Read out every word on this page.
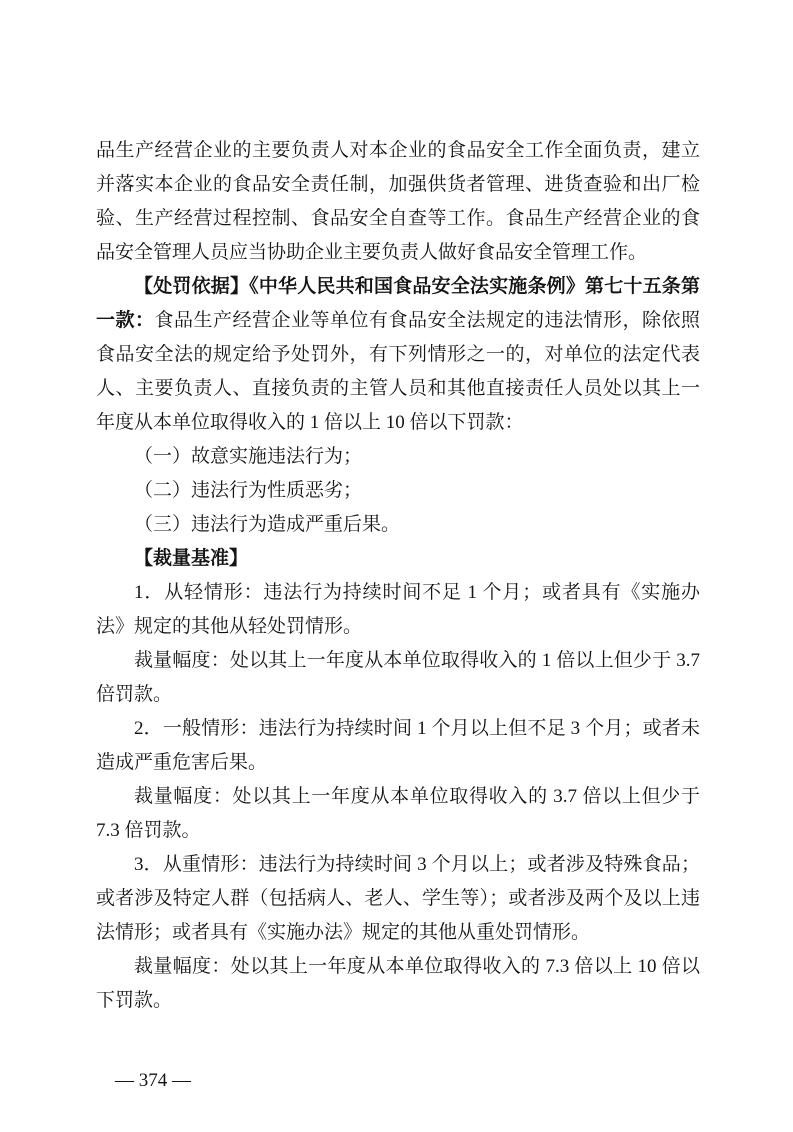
品生产经营企业的主要负责人对本企业的食品安全工作全面负责，建立并落实本企业的食品安全责任制，加强供货者管理、进货查验和出厂检验、生产经营过程控制、食品安全自查等工作。食品生产经营企业的食品安全管理人员应当协助企业主要负责人做好食品安全管理工作。

【处罚依据】《中华人民共和国食品安全法实施条例》第七十五条第一款：食品生产经营企业等单位有食品安全法规定的违法情形，除依照食品安全法的规定给予处罚外，有下列情形之一的，对单位的法定代表人、主要负责人、直接负责的主管人员和其他直接责任人员处以其上一年度从本单位取得收入的 1 倍以上 10 倍以下罚款：

（一）故意实施违法行为；

（二）违法行为性质恶劣；

（三）违法行为造成严重后果。

【裁量基准】

1．从轻情形：违法行为持续时间不足 1 个月；或者具有《实施办法》规定的其他从轻处罚情形。

裁量幅度：处以其上一年度从本单位取得收入的 1 倍以上但少于 3.7 倍罚款。

2．一般情形：违法行为持续时间 1 个月以上但不足 3 个月；或者未造成严重危害后果。

裁量幅度：处以其上一年度从本单位取得收入的 3.7 倍以上但少于 7.3 倍罚款。

3．从重情形：违法行为持续时间 3 个月以上；或者涉及特殊食品；或者涉及特定人群（包括病人、老人、学生等）；或者涉及两个及以上违法情形；或者具有《实施办法》规定的其他从重处罚情形。

裁量幅度：处以其上一年度从本单位取得收入的 7.3 倍以上 10 倍以下罚款。

— 374 —
